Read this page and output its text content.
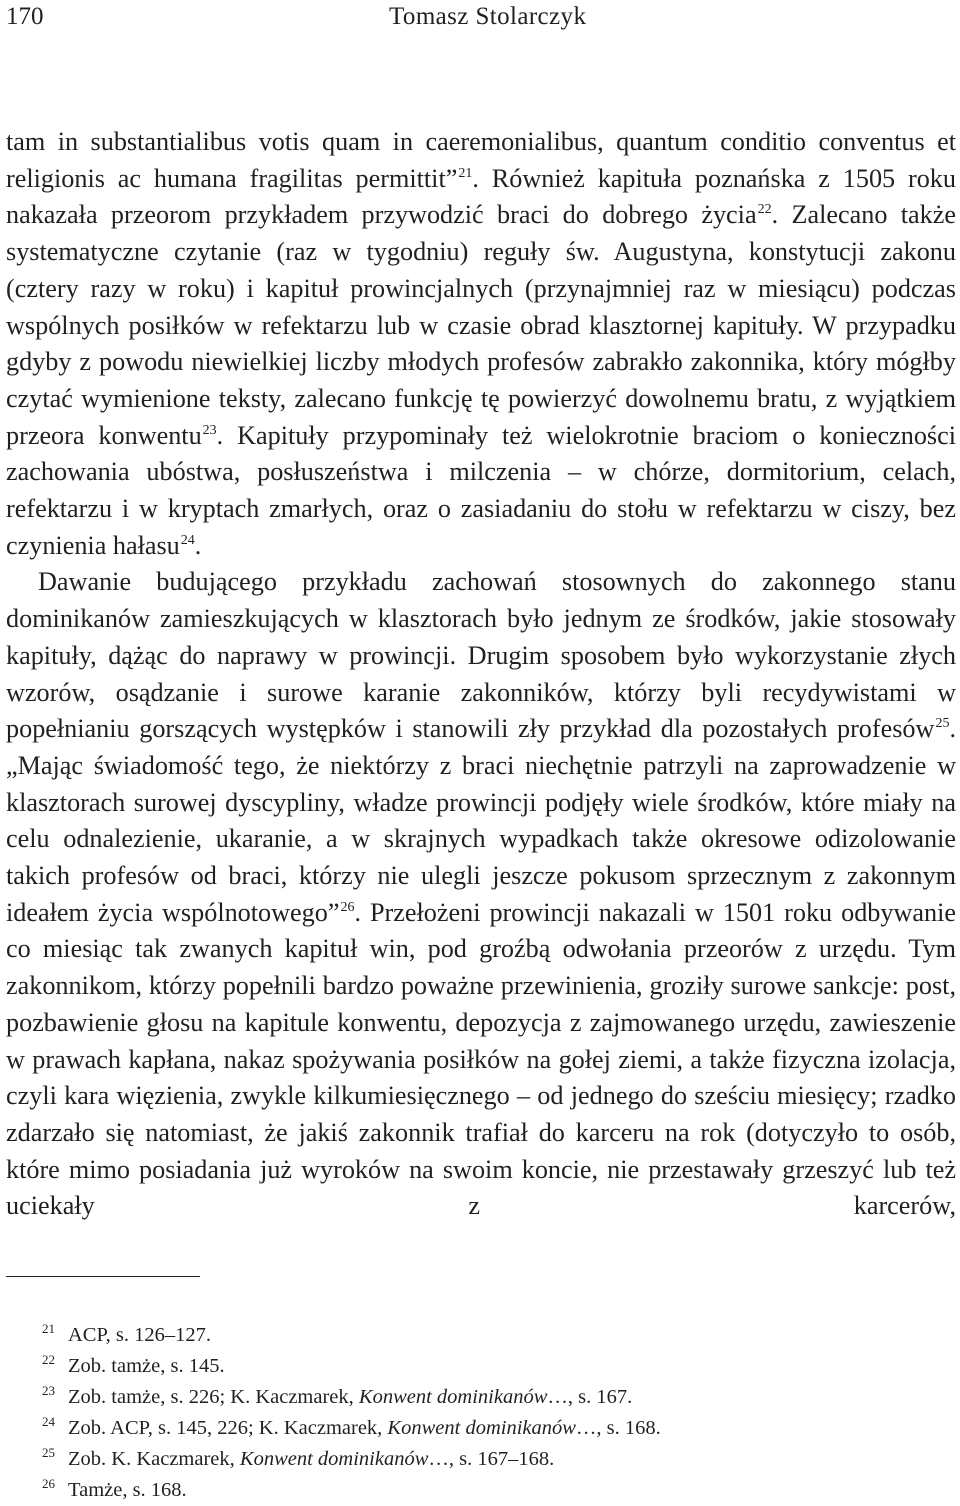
170	Tomasz Stolarczyk

tam in substantialibus votis quam in caeremonialibus, quantum conditio conventus et religionis ac humana fragilitas permittit”$^{21}$. Również kapituła poznańska z 1505 roku nakazała przeorom przykładem przywodzić braci do dobrego życia$^{22}$. Zalecano także systematyczne czytanie (raz w tygodniu) reguły św. Augustyna, konstytucji zakonu (cztery razy w roku) i kapituł prowincjalnych (przynajmniej raz w miesiącu) podczas wspólnych posiłków w refektarzu lub w czasie obrad klasztornej kapituły. W przypadku gdyby z powodu niewielkiej liczby młodych profesów zabrakło zakonnika, który mógłby czytać wymienione teksty, zalecano funkcję tę powierzyć dowolnemu bratu, z wyjątkiem przeora konwentu$^{23}$. Kapituły przypominały też wielokrotnie braciom o konieczności zachowania ubóstwa, posłuszeństwa i milczenia – w chórze, dormitorium, celach, refektarzu i w kryptach zmarłych, oraz o zasiadaniu do stołu w refektarzu w ciszy, bez czynienia hałasu$^{24}$.

Dawanie budującego przykładu zachowań stosownych do zakonnego stanu dominikanów zamieszkujących w klasztorach było jednym ze środków, jakie stosowały kapituły, dążąc do naprawy w prowincji. Drugim sposobem było wykorzystanie złych wzorów, osądzanie i surowe karanie zakonników, którzy byli recydywistami w popełnianiu gorszących występków i stanowili zły przykład dla pozostałych profesów$^{25}$. „Mając świadomość tego, że niektórzy z braci niechętnie patrzyli na zaprowadzenie w klasztorach surowej dyscypliny, władze prowincji podjęły wiele środków, które miały na celu odnalezienie, ukaranie, a w skrajnych wypadkach także okresowe odizolowanie takich profesów od braci, którzy nie ulegli jeszcze pokusom sprzecznym z zakonnym ideałem życia wspólnotowego”$^{26}$. Przełożeni prowincji nakazali w 1501 roku odbywanie co miesiąc tak zwanych kapituł win, pod groźbą odwołania przeorów z urzędu. Tym zakonnikom, którzy popełnili bardzo poważne przewinienia, groziły surowe sankcje: post, pozbawienie głosu na kapitule konwentu, depozycja z zajmowanego urzędu, zawieszenie w prawach kapłana, nakaz spożywania posiłków na gołej ziemi, a także fizyczna izolacja, czyli kara więzienia, zwykle kilkumiesięcznego – od jednego do sześciu miesięcy; rzadko zdarzało się natomiast, że jakiś zakonnik trafiał do karceru na rok (dotyczyło to osób, które mimo posiadania już wyroków na swoim koncie, nie przestawały grzeszyć lub też uciekały z karcerów,

21 ACP, s. 126–127.
22 Zob. tamże, s. 145.
23 Zob. tamże, s. 226; K. Kaczmarek, Konwent dominikanów…, s. 167.
24 Zob. ACP, s. 145, 226; K. Kaczmarek, Konwent dominikanów…, s. 168.
25 Zob. K. Kaczmarek, Konwent dominikanów…, s. 167–168.
26 Tamże, s. 168.
